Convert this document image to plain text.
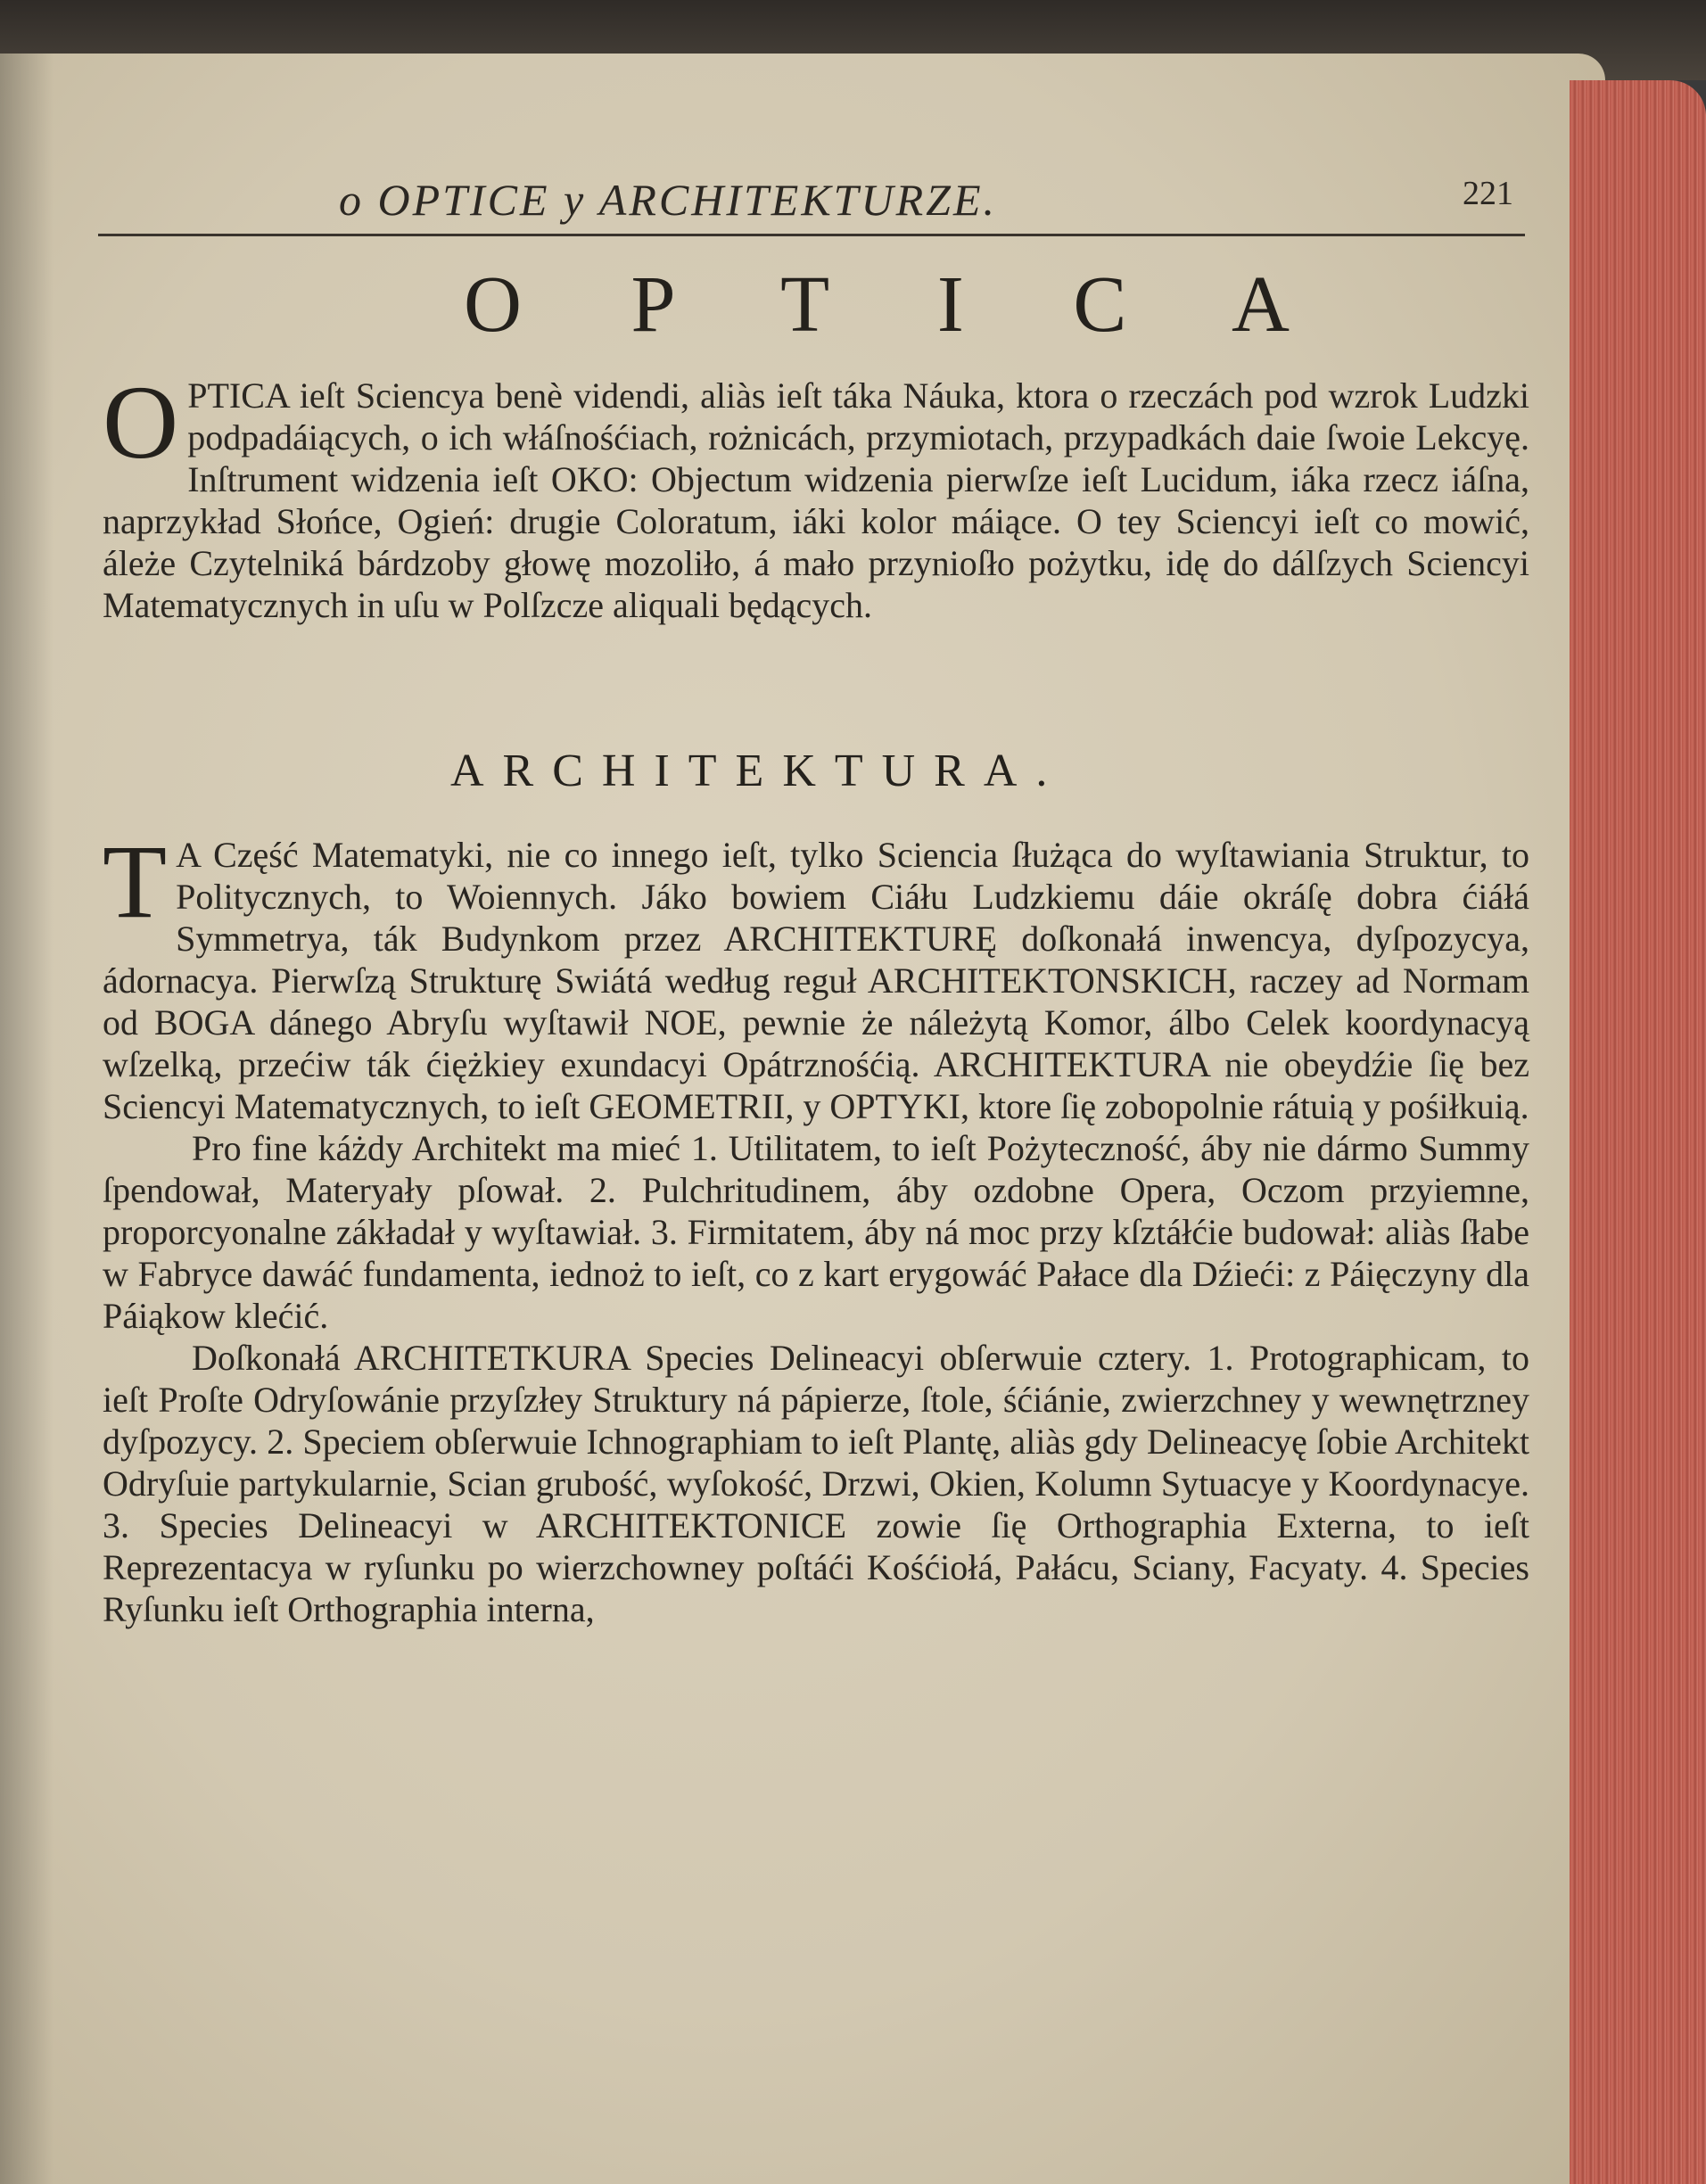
o OPTICE y ARCHITEKTURZE.	221
O P T I C A

O PTICA ieſt Sciencya benè videndi, aliàs ieſt táka Náuka, ktora o rzeczách pod wzrok Ludzki podpadáiących, o ich włáſnośćiach, rożnicách, przymiotach, przypadkách daie ſwoie Lekcyę. Inſtrument widzenia ieſt OKO: Objectum widzenia pierwſze ieſt Lucidum, iáka rzecz iáſna, naprzykład Słońce, Ogień: drugie Coloratum, iáki kolor máiące. O tey Sciencyi ieſt co mowić, áleże Czytelniká bárdzoby głowę mozoliło, á mało przynioſło pożytku, idę do dálſzych Sciencyi Matematycznych in uſu w Polſzcze aliquali będących.

ARCHITEKTURA.

T A Część Matematyki, nie co innego ieſt, tylko Sciencia ſłużąca do wyſtawiania Struktur, to Politycznych, to Woiennych. Jáko bowiem Ciáłu Ludzkiemu dáie okráſę dobra ćiáłá Symmetrya, ták Budynkom przez ARCHITEKTURĘ doſkonałá inwencya, dyſpozycya, ádornacya. Pierwſzą Strukturę Swiátá według reguł ARCHITEKTONSKICH, raczey ad Normam od BOGA dánego Abryſu wyſtawił NOE, pewnie że náleżytą Komor, álbo Celek koordynacyą wſzelką, przećiw ták ćiężkiey exundacyi Opátrznośćią. ARCHITEKTURA nie obeydźie ſię bez Sciencyi Matematycznych, to ieſt GEOMETRII, y OPTYKI, ktore ſię zobopolnie rátuią y pośiłkuią.

Pro fine káżdy Architekt ma mieć 1. Utilitatem, to ieſt Pożyteczność, áby nie dármo Summy ſpendował, Materyały pſował. 2. Pulchritudinem, áby ozdobne Opera, Oczom przyiemne, proporcyonalne zákładał y wyſtawiał. 3. Firmitatem, áby ná moc przy kſztáłćie budował: aliàs ſłabe w Fabryce dawáć fundamenta, iednoż to ieſt, co z kart erygowáć Pałace dla Dźieći: z Páięczyny dla Páiąkow klećić.

Doſkonałá ARCHITETKURA Species Delineacyi obſerwuie cztery. 1. Protographicam, to ieſt Proſte Odryſowánie przyſzłey Struktury ná pápierze, ſtole, śćiánie, zwierzchney y wewnętrzney dyſpozycy. 2. Speciem obſerwuie Ichnographiam to ieſt Plantę, aliàs gdy Delineacyę ſobie Architekt Odryſuie partykularnie, Scian grubość, wyſokość, Drzwi, Okien, Kolumn Sytuacye y Koordynacye. 3. Species Delineacyi w ARCHITEKTONICE zowie ſię Orthographia Externa, to ieſt Reprezentacya w ryſunku po wierzchowney poſtáći Kośćiołá, Pałácu, Sciany, Facyaty. 4. Species Ryſunku ieſt Orthographia interna,
